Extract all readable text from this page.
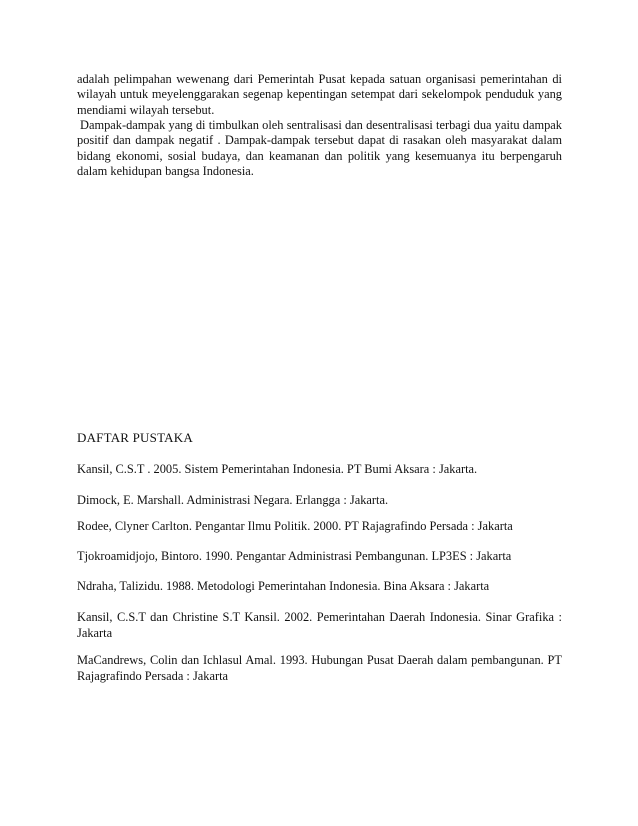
adalah pelimpahan wewenang dari Pemerintah Pusat kepada satuan organisasi pemerintahan di wilayah untuk meyelenggarakan segenap kepentingan setempat dari sekelompok penduduk yang mendiami wilayah tersebut.

Dampak-dampak yang di timbulkan oleh sentralisasi dan desentralisasi terbagi dua yaitu dampak positif dan dampak negatif . Dampak-dampak tersebut dapat di rasakan oleh masyarakat dalam bidang ekonomi, sosial budaya, dan keamanan dan politik yang kesemuanya itu berpengaruh dalam kehidupan bangsa Indonesia.

DAFTAR PUSTAKA

Kansil, C.S.T . 2005. Sistem Pemerintahan Indonesia. PT Bumi Aksara : Jakarta.

Dimock, E. Marshall. Administrasi Negara. Erlangga : Jakarta.

Rodee, Clyner Carlton. Pengantar Ilmu Politik. 2000. PT Rajagrafindo Persada : Jakarta

Tjokroamidjojo, Bintoro. 1990. Pengantar Administrasi Pembangunan. LP3ES : Jakarta

Ndraha, Talizidu. 1988. Metodologi Pemerintahan Indonesia. Bina Aksara : Jakarta

Kansil, C.S.T dan Christine S.T Kansil. 2002. Pemerintahan Daerah Indonesia. Sinar Grafika : Jakarta

MaCandrews, Colin dan Ichlasul Amal. 1993. Hubungan Pusat Daerah dalam pembangunan. PT Rajagrafindo Persada : Jakarta
